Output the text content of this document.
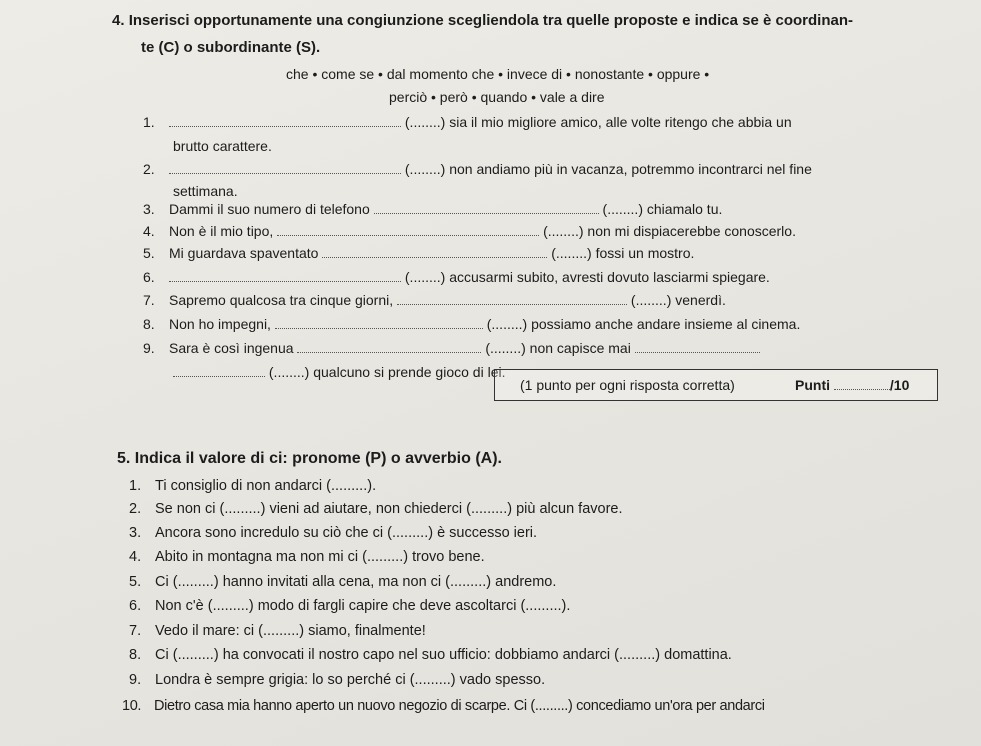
4. Inserisci opportunamente una congiunzione scegliendola tra quelle proposte e indica se è coordinan-
te (C) o subordinante (S).
che • come se • dal momento che • invece di • nonostante • oppure •
perciò • però • quando • vale a dire
1.	(........) sia il mio migliore amico, alle volte ritengo che abbia un
brutto carattere.
2.	(........) non andiamo più in vacanza, potremmo incontrarci nel fine
settimana.
3. Dammi il suo numero di telefono	(........) chiamalo tu.
4. Non è il mio tipo,	(........) non mi dispiacerebbe conoscerlo.
5. Mi guardava spaventato	(........) fossi un mostro.
6.	(........) accusarmi subito, avresti dovuto lasciarmi spiegare.
7. Sapremo qualcosa tra cinque giorni,	(........) venerdì.
8. Non ho impegni,	(........) possiamo anche andare insieme al cinema.
9. Sara è così ingenua	(........) non capisce mai
(........) qualcuno si prende gioco di lei.
(1 punto per ogni risposta corretta)	Punti	/10
5. Indica il valore di ci: pronome (P) o avverbio (A).
1. Ti consiglio di non andarci (.........).
2. Se non ci (.........) vieni ad aiutare, non chiederci (.........) più alcun favore.
3. Ancora sono incredulo su ciò che ci (.........) è successo ieri.
4. Abito in montagna ma non mi ci (.........) trovo bene.
5. Ci (.........) hanno invitati alla cena, ma non ci (.........) andremo.
6. Non c'è (.........) modo di fargli capire che deve ascoltarci (.........).
7. Vedo il mare: ci (.........) siamo, finalmente!
8. Ci (.........) ha convocati il nostro capo nel suo ufficio: dobbiamo andarci (.........) domattina.
9. Londra è sempre grigia: lo so perché ci (.........) vado spesso.
10. Dietro casa mia hanno aperto un nuovo negozio di scarpe. Ci (.........) concediamo un'ora per andarci
